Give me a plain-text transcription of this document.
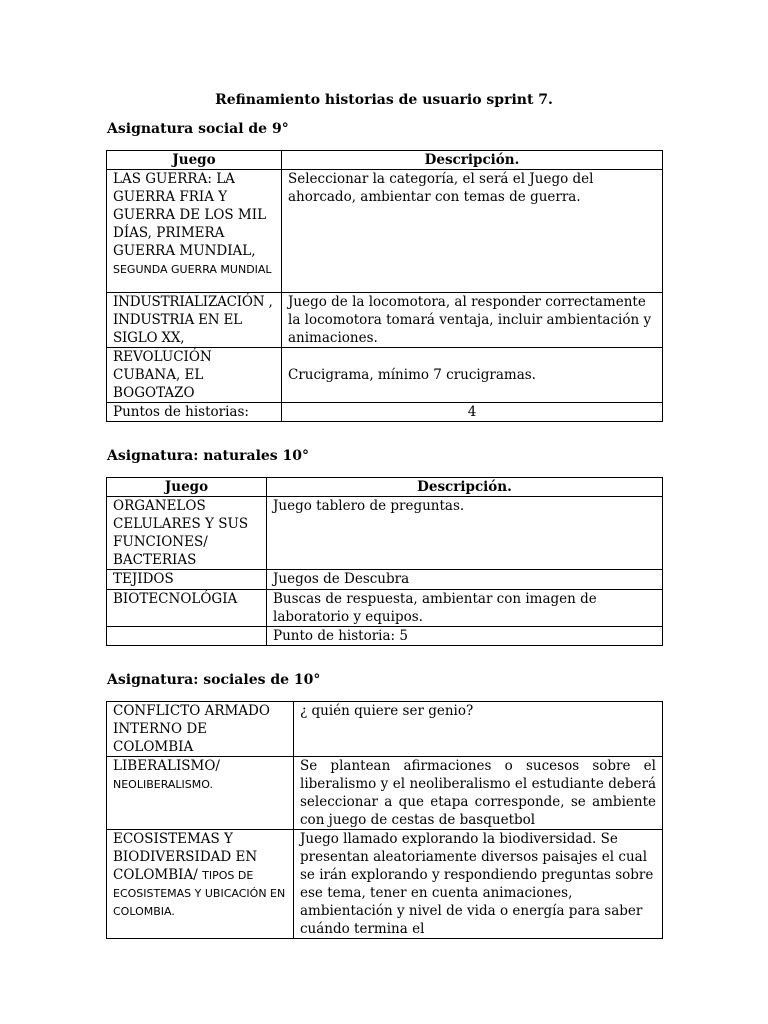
Refinamiento historias de usuario sprint 7.
Asignatura social de 9°
Juego	Descripción.
LAS GUERRA: LA GUERRA FRIA Y GUERRA DE LOS MIL DÍAS, PRIMERA GUERRA MUNDIAL,
SEGUNDA GUERRA MUNDIAL	Seleccionar la categoría, el será el Juego del ahorcado, ambientar con temas de guerra.
INDUSTRIALIZACIÓN , INDUSTRIA EN EL SIGLO XX,	Juego de la locomotora, al responder correctamente la locomotora tomará ventaja, incluir ambientación y animaciones.
REVOLUCIÓN CUBANA, EL BOGOTAZO	Crucigrama, mínimo 7 crucigramas.
Puntos de historias:	4
Asignatura: naturales 10°
Juego	Descripción.
ORGANELOS CELULARES Y SUS FUNCIONES/ BACTERIAS	Juego tablero de preguntas.
TEJIDOS	Juegos de Descubra
BIOTECNOLÓGIA	Buscas de respuesta, ambientar con imagen de laboratorio y equipos.
	Punto de historia: 5
Asignatura: sociales de 10°
CONFLICTO ARMADO INTERNO DE COLOMBIA	¿ quién quiere ser genio?
LIBERALISMO/
NEOLIBERALISMO.	Se plantean afirmaciones o sucesos sobre el liberalismo y el neoliberalismo el estudiante deberá seleccionar a que etapa corresponde, se ambiente con juego de cestas de basquetbol
ECOSISTEMAS Y BIODIVERSIDAD EN COLOMBIA/ TIPOS DE ECOSISTEMAS Y UBICACIÓN EN COLOMBIA.	Juego llamado explorando la biodiversidad. Se presentan aleatoriamente diversos paisajes el cual se irán explorando y respondiendo preguntas sobre ese tema, tener en cuenta animaciones, ambientación y nivel de vida o energía para saber cuándo termina el
